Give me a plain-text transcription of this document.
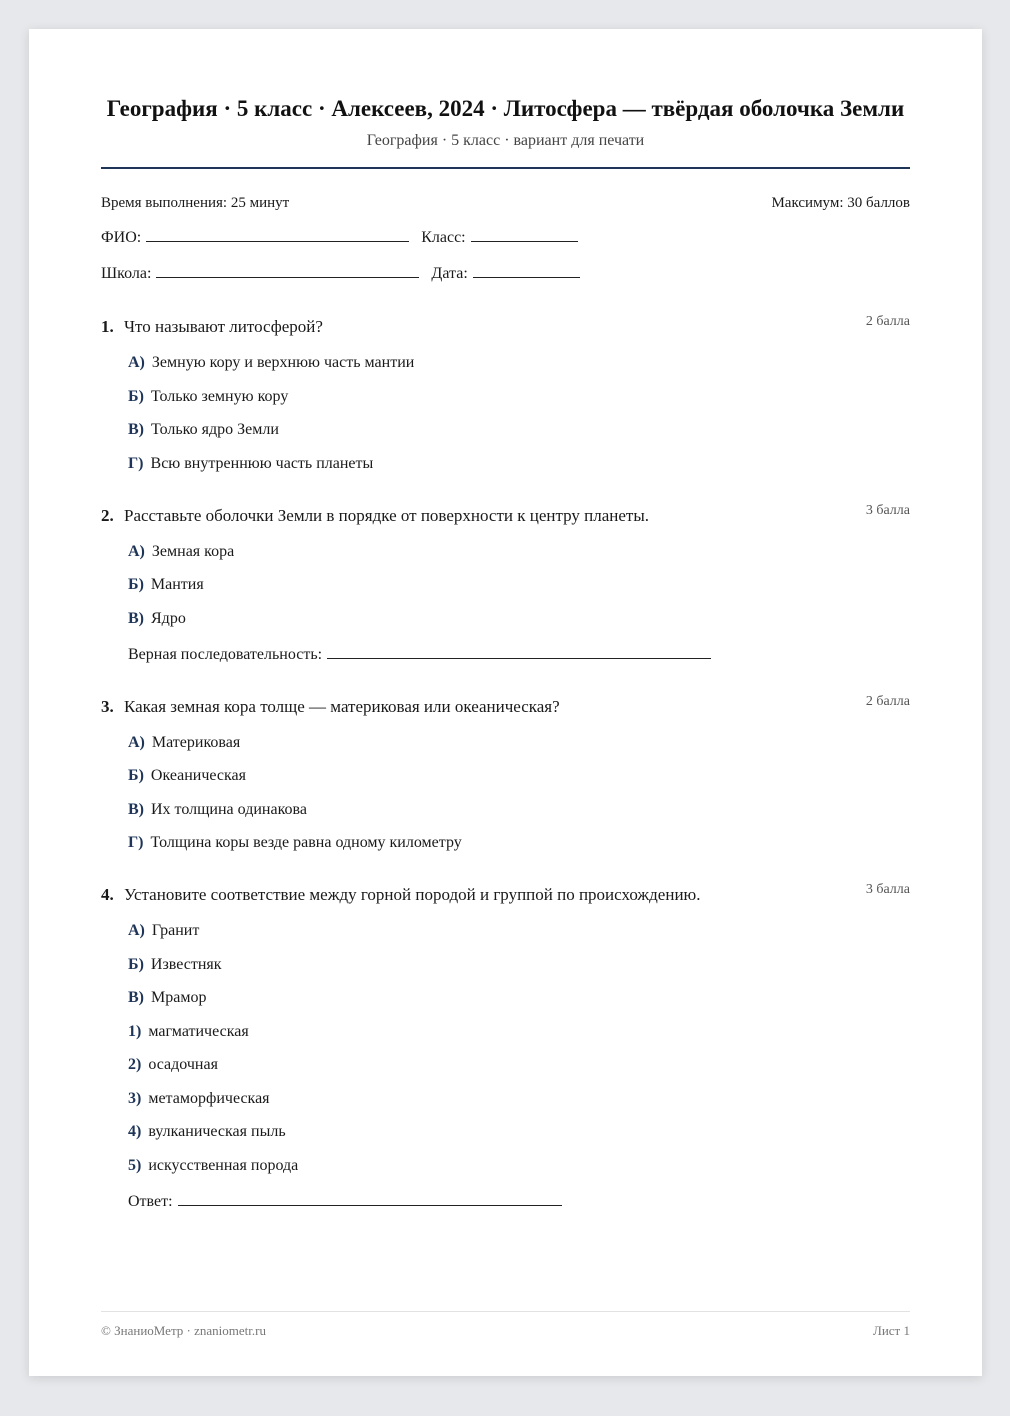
География · 5 класс · Алексеев, 2024 · Литосфера — твёрдая оболочка Земли
География · 5 класс · вариант для печати
Время выполнения: 25 минут	Максимум: 30 баллов
ФИО:	Класс:
Школа:	Дата:
1. Что называют литосферой?	2 балла
А) Земную кору и верхнюю часть мантии
Б) Только земную кору
В) Только ядро Земли
Г) Всю внутреннюю часть планеты
2. Расставьте оболочки Земли в порядке от поверхности к центру планеты.	3 балла
А) Земная кора
Б) Мантия
В) Ядро
Верная последовательность:
3. Какая земная кора толще — материковая или океаническая?	2 балла
А) Материковая
Б) Океаническая
В) Их толщина одинакова
Г) Толщина коры везде равна одному километру
4. Установите соответствие между горной породой и группой по происхождению.	3 балла
А) Гранит
Б) Известняк
В) Мрамор
1) магматическая
2) осадочная
3) метаморфическая
4) вулканическая пыль
5) искусственная порода
Ответ:
© ЗнаниоМетр · znaniometr.ru	Лист 1
